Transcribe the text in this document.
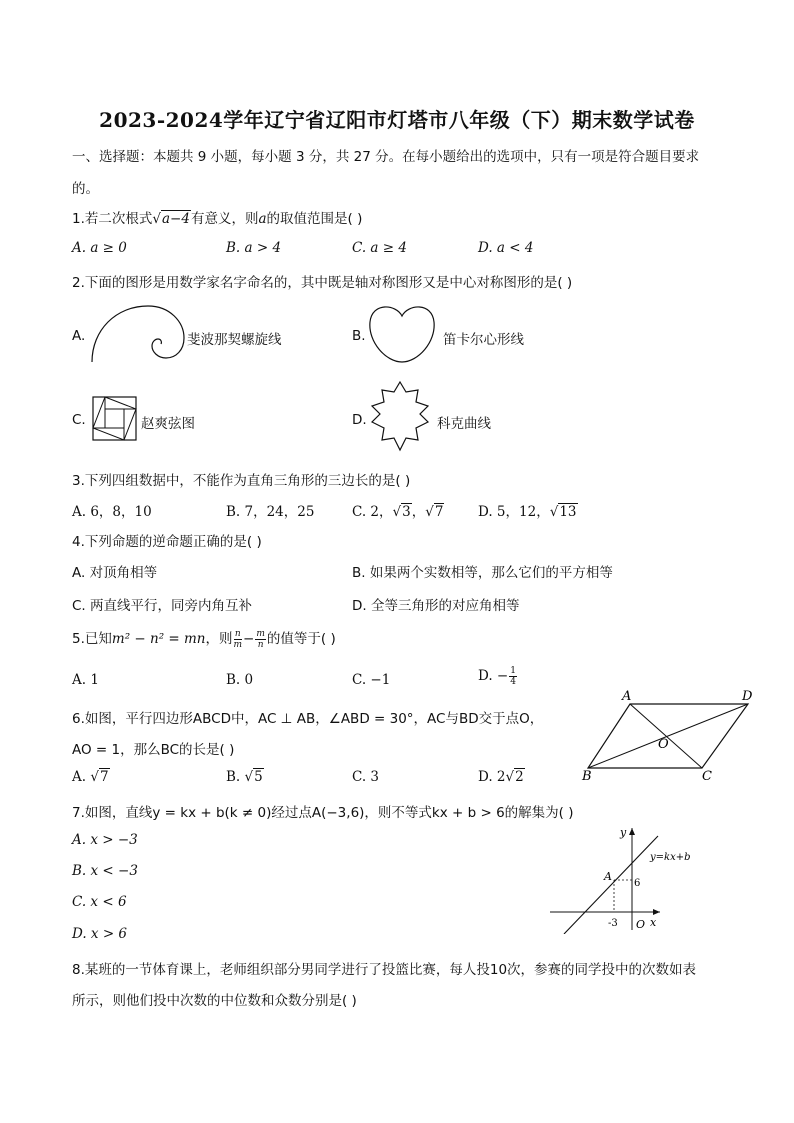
2023-2024学年辽宁省辽阳市灯塔市八年级（下）期末数学试卷
一、选择题：本题共 9 小题，每小题 3 分，共 27 分。在每小题给出的选项中，只有一项是符合题目要求
的。
1.若二次根式√a−4有意义，则a的取值范围是( )
A. a ≥ 0	B. a > 4	C. a ≥ 4	D. a < 4
2.下面的图形是用数学家名字命名的，其中既是轴对称图形又是中心对称图形的是( )
A.	斐波那契螺旋线	B.	笛卡尔心形线
C.	赵爽弦图	D.	科克曲线
3.下列四组数据中，不能作为直角三角形的三边长的是( )
A. 6，8，10	B. 7，24，25	C. 2，√3，√7	D. 5，12，√13
4.下列命题的逆命题正确的是( )
A. 对顶角相等	B. 如果两个实数相等，那么它们的平方相等
C. 两直线平行，同旁内角互补	D. 全等三角形的对应角相等
5.已知m² − n² = mn，则 $\frac{n}{m} - \frac{m}{n}$ 的值等于( )
A. 1	B. 0	C. −1	D. − $\frac{1}{4}$
6.如图，平行四边形ABCD中，AC ⊥ AB，∠ABD = 30°，AC与BD交于点O，
AO = 1，那么BC的长是( )
A. √7	B. √5	C. 3	D. 2√2
A	D
B	C
O
7.如图，直线y = kx + b(k ≠ 0)经过点A(−3,6)，则不等式kx + b > 6的解集为( )
A. x > −3
B. x < −3
C. x < 6
D. x > 6
y
x
O
A
6
-3
y=kx+b
8.某班的一节体育课上，老师组织部分男同学进行了投篮比赛，每人投10次，参赛的同学投中的次数如表
所示，则他们投中次数的中位数和众数分别是( )
